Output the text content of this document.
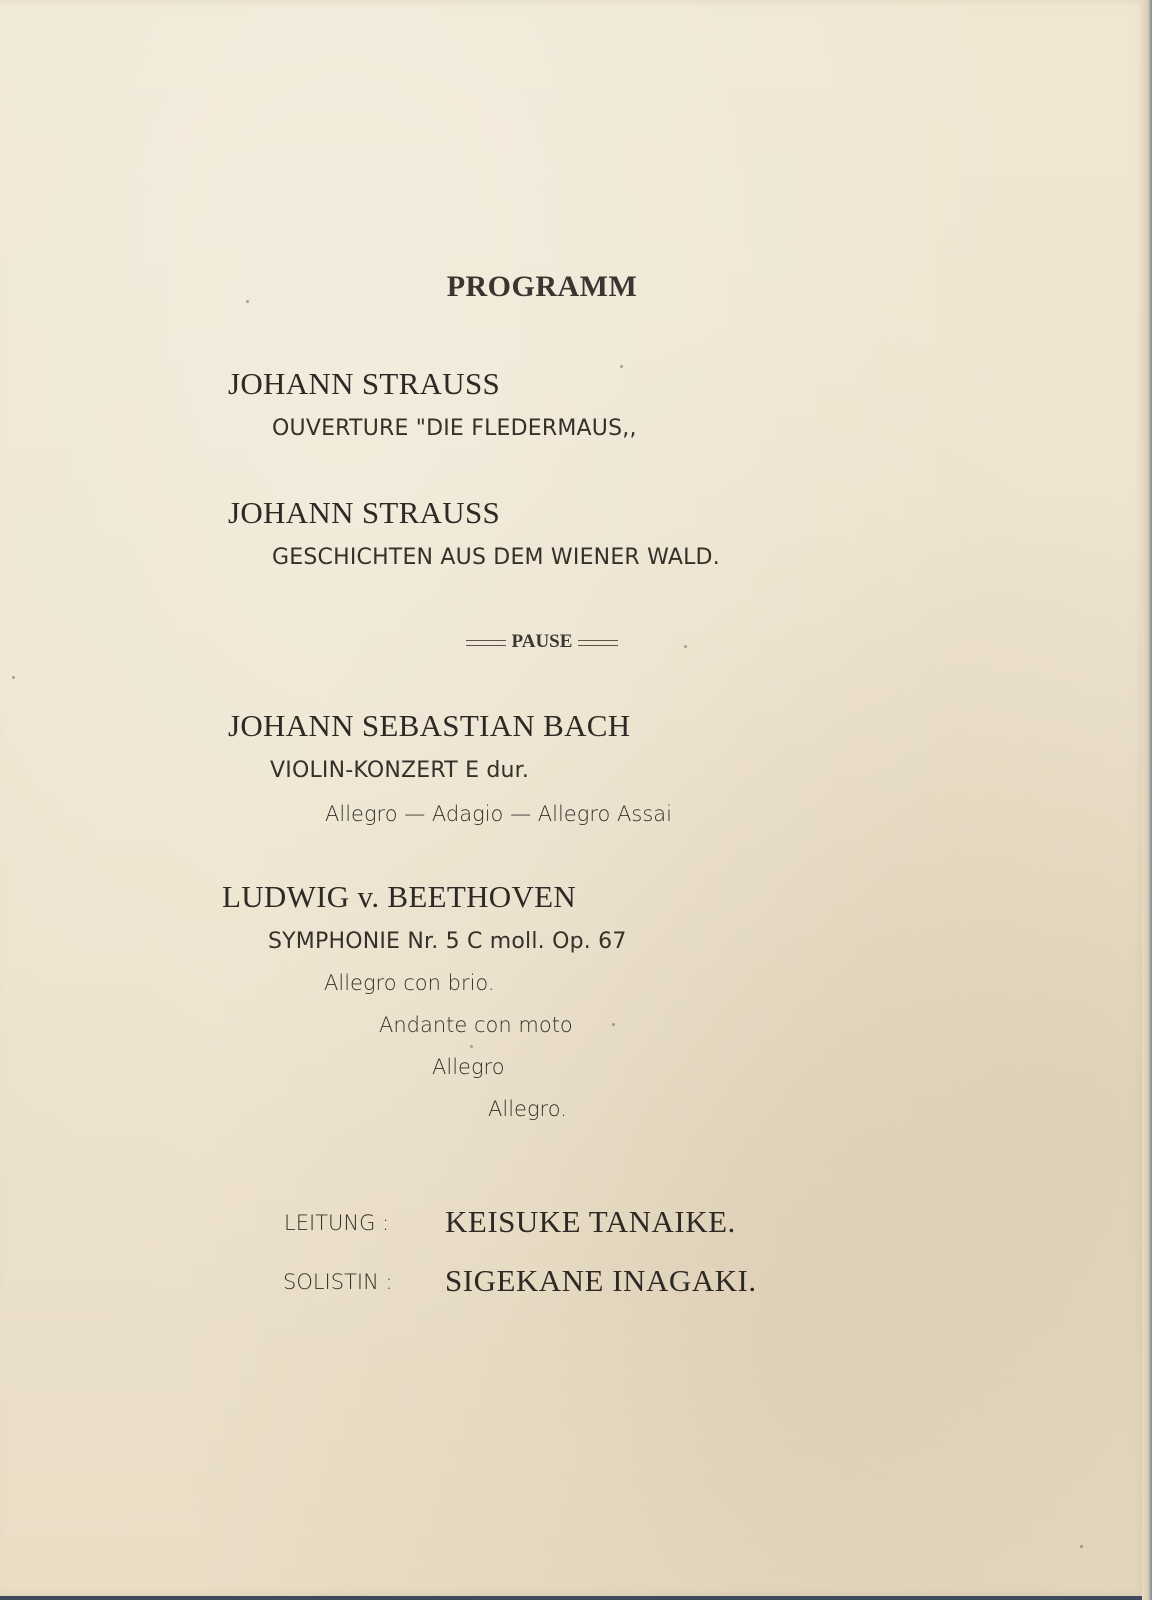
PROGRAMM
JOHANN STRAUSS
OUVERTURE "DIE FLEDERMAUS,,
JOHANN STRAUSS
GESCHICHTEN AUS DEM WIENER WALD.
PAUSE
JOHANN SEBASTIAN BACH
VIOLIN-KONZERT E dur.
Allegro — Adagio — Allegro Assai
LUDWIG v. BEETHOVEN
SYMPHONIE Nr. 5 C moll. Op. 67
Allegro con brio.
Andante con moto
Allegro
Allegro.
LEITUNG : KEISUKE TANAIKE.
SOLISTIN : SIGEKANE INAGAKI.
